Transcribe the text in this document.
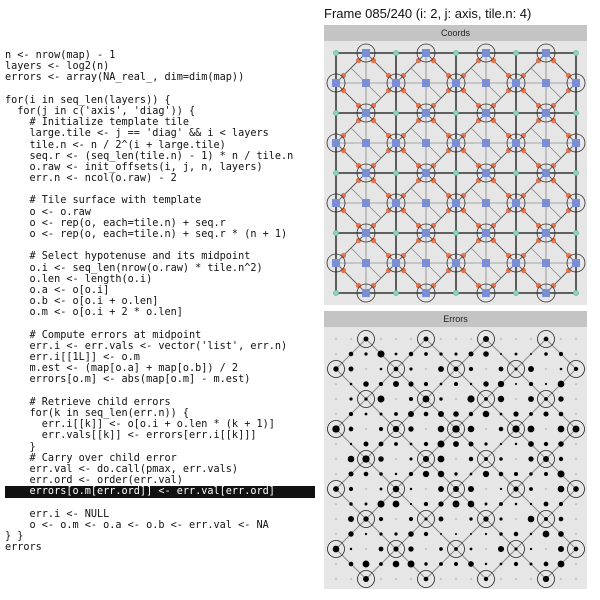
Frame 085/240 (i: 2, j: axis, tile.n: 4)
n <- nrow(map) - 1
layers <- log2(n)
errors <- array(NA_real_, dim=dim(map))
for(i in seq_len(layers)) {
for(j in c('axis', 'diag')) {
# Initialize template tile
large.tile <- j == 'diag' && i < layers
tile.n <- n / 2^(i + large.tile)
seq.r <- (seq_len(tile.n) - 1) * n / tile.n
o.raw <- init_offsets(i, j, n, layers)
err.n <- ncol(o.raw) - 2
# Tile surface with template
o <- o.raw
o <- rep(o, each=tile.n) + seq.r
o <- rep(o, each=tile.n) + seq.r * (n + 1)
# Select hypotenuse and its midpoint
o.i <- seq_len(nrow(o.raw) * tile.n^2)
o.len <- length(o.i)
o.a <- o[o.i]
o.b <- o[o.i + o.len]
o.m <- o[o.i + 2 * o.len]
# Compute errors at midpoint
err.i <- err.vals <- vector('list', err.n)
err.i[[1L]] <- o.m
m.est <- (map[o.a] + map[o.b]) / 2
errors[o.m] <- abs(map[o.m] - m.est)
# Retrieve child errors
for(k in seq_len(err.n)) {
err.i[[k]] <- o[o.i + o.len * (k + 1)]
err.vals[[k]] <- errors[err.i[[k]]]
}
# Carry over child error
err.val <- do.call(pmax, err.vals)
err.ord <- order(err.val)
errors[o.m[err.ord]] <- err.val[err.ord]
err.i <- NULL
o <- o.m <- o.a <- o.b <- err.val <- NA
} }
errors
Coords
Errors
